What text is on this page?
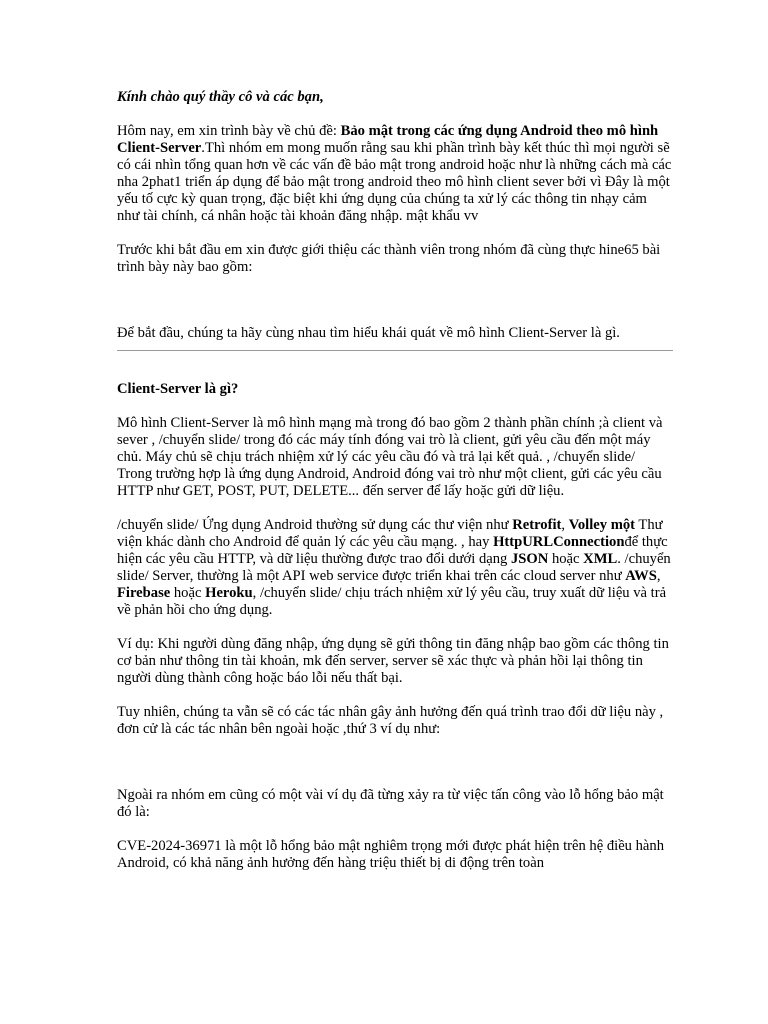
Kính chào quý thầy cô và các bạn,

Hôm nay, em xin trình bày về chủ đề: Bảo mật trong các ứng dụng Android theo mô hình Client-Server.Thì nhóm em mong muốn rằng sau khi phần trình bày kết thúc thì mọi người sẽ có cái nhìn tổng quan hơn về các vấn đề bảo mật trong android hoặc như là những cách mà các nha 2phat1 triển áp dụng để bảo mật trong android theo mô hình client sever bởi vì Đây là một yếu tố cực kỳ quan trọng, đặc biệt khi ứng dụng của chúng ta xử lý các thông tin nhạy cảm như tài chính, cá nhân hoặc tài khoản đăng nhập. mật khẩu vv

Trước khi bắt đầu em xin được giới thiệu các thành viên trong nhóm đã cùng thực hine65 bài trình bày này bao gồm:

Để bắt đầu, chúng ta hãy cùng nhau tìm hiểu khái quát về mô hình Client-Server là gì.

Client-Server là gì?

Mô hình Client-Server là mô hình mạng mà trong đó bao gồm 2 thành phần chính ;à client và sever , /chuyển slide/ trong đó các máy tính đóng vai trò là client, gửi yêu cầu đến một máy chủ. Máy chủ sẽ chịu trách nhiệm xử lý các yêu cầu đó và trả lại kết quả. , /chuyển slide/ Trong trường hợp là ứng dụng Android, Android đóng vai trò như một client, gửi các yêu cầu HTTP như GET, POST, PUT, DELETE... đến server để lấy hoặc gửi dữ liệu.

/chuyển slide/ Ứng dụng Android thường sử dụng các thư viện như Retrofit, Volley một Thư viện khác dành cho Android để quản lý các yêu cầu mạng. , hay HttpURLConnectionđể thực hiện các yêu cầu HTTP, và dữ liệu thường được trao đổi dưới dạng JSON hoặc XML. /chuyển slide/ Server, thường là một API web service được triển khai trên các cloud server như AWS, Firebase hoặc Heroku, /chuyển slide/ chịu trách nhiệm xử lý yêu cầu, truy xuất dữ liệu và trả về phản hồi cho ứng dụng.

Ví dụ: Khi người dùng đăng nhập, ứng dụng sẽ gửi thông tin đăng nhập bao gồm các thông tin cơ bản như thông tin tài khoản, mk đến server, server sẽ xác thực và phản hồi lại thông tin người dùng thành công hoặc báo lỗi nếu thất bại.

Tuy nhiên, chúng ta vẫn sẽ có các tác nhân gây ảnh hưởng đến quá trình trao đổi dữ liệu này , đơn cử là các tác nhân bên ngoài hoặc ,thứ 3 ví dụ như:

Ngoài ra nhóm em cũng có một vài ví dụ đã từng xảy ra từ việc tấn công vào lỗ hổng bảo mật đó là:

CVE-2024-36971 là một lỗ hổng bảo mật nghiêm trọng mới được phát hiện trên hệ điều hành Android, có khả năng ảnh hưởng đến hàng triệu thiết bị di động trên toàn
